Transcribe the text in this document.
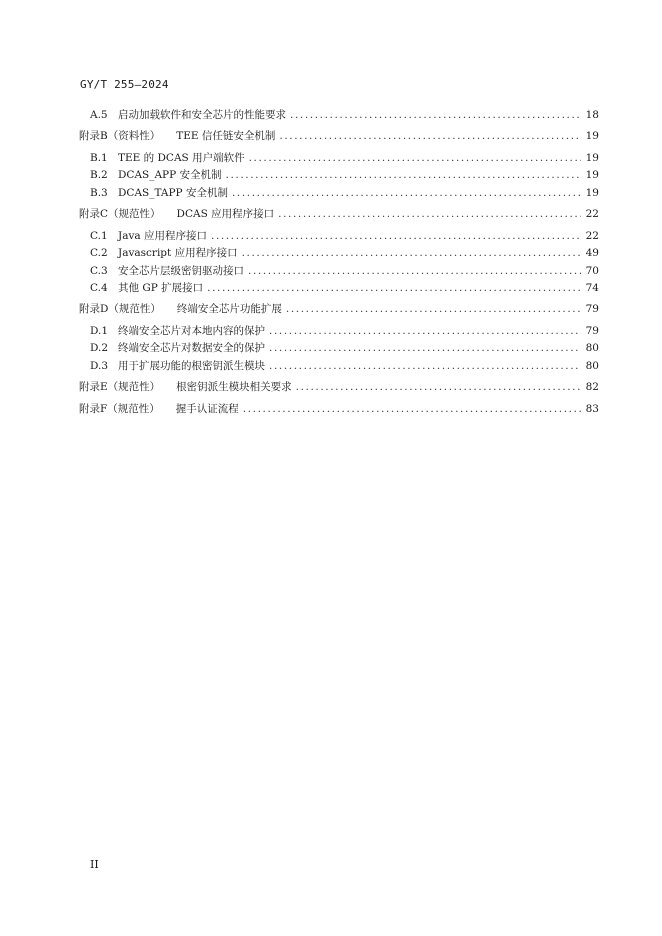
GY/T 255—2024
A.5 启动加载软件和安全芯片的性能要求 .....	18
附录B（资料性） TEE 信任链安全机制 .....	19
B.1 TEE 的 DCAS 用户端软件 .....	19
B.2 DCAS_APP 安全机制 .....	19
B.3 DCAS_TAPP 安全机制 .....	19
附录C（规范性） DCAS 应用程序接口 .....	22
C.1 Java 应用程序接口 .....	22
C.2 Javascript 应用程序接口 .....	49
C.3 安全芯片层级密钥驱动接口 .....	70
C.4 其他 GP 扩展接口 .....	74
附录D（规范性） 终端安全芯片功能扩展 .....	79
D.1 终端安全芯片对本地内容的保护 .....	79
D.2 终端安全芯片对数据安全的保护 .....	80
D.3 用于扩展功能的根密钥派生模块 .....	80
附录E（规范性） 根密钥派生模块相关要求 .....	82
附录F（规范性） 握手认证流程 .....	83
II
